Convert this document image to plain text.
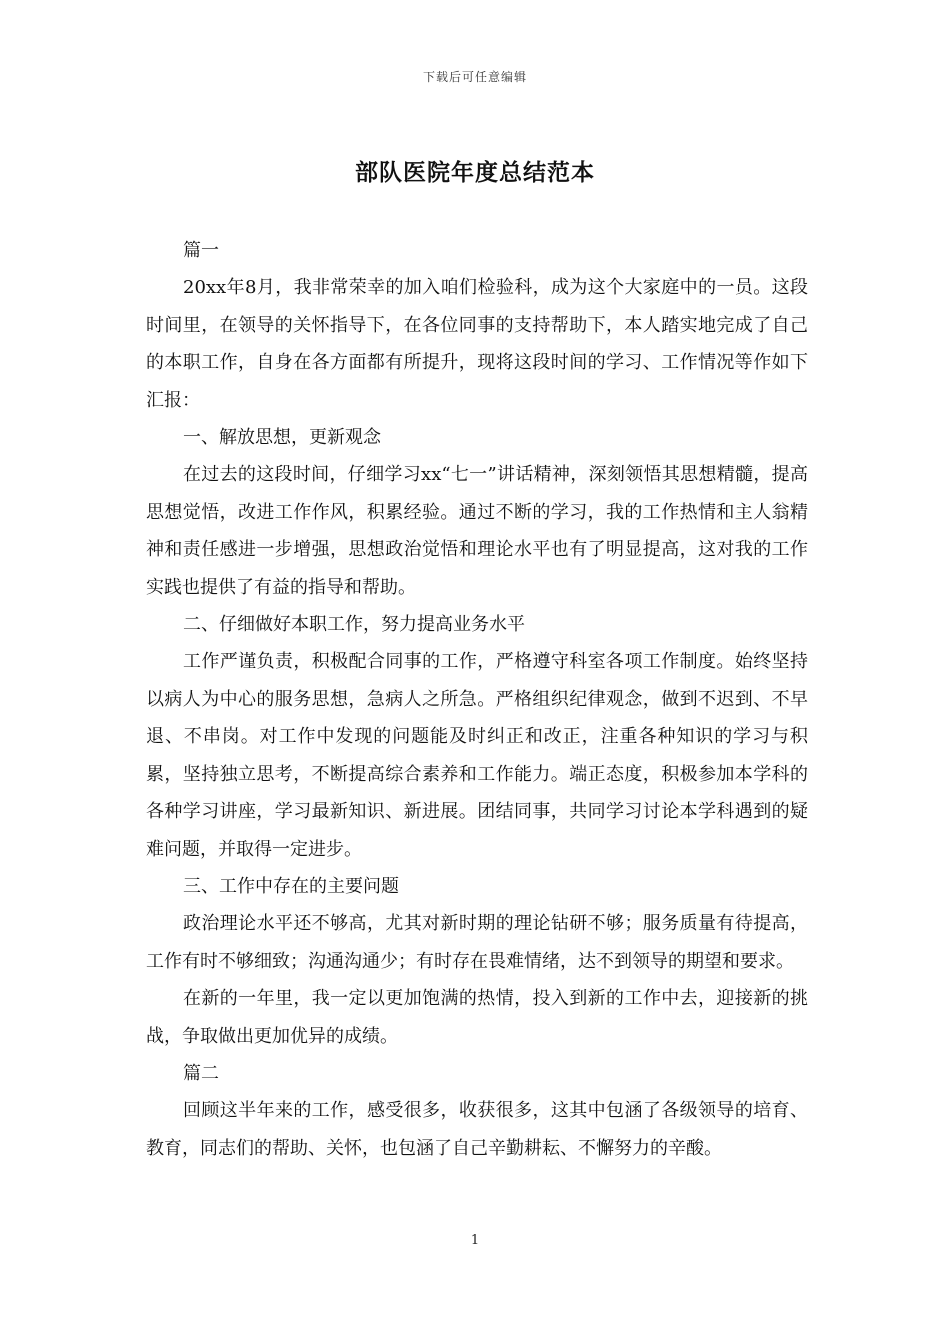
下载后可任意编辑
部队医院年度总结范本

篇一

20xx年8月，我非常荣幸的加入咱们检验科，成为这个大家庭中的一员。这段时间里，在领导的关怀指导下，在各位同事的支持帮助下，本人踏实地完成了自己的本职工作，自身在各方面都有所提升，现将这段时间的学习、工作情况等作如下汇报：

一、解放思想，更新观念

在过去的这段时间，仔细学习xx“七一”讲话精神，深刻领悟其思想精髓，提高思想觉悟，改进工作作风，积累经验。通过不断的学习，我的工作热情和主人翁精神和责任感进一步增强，思想政治觉悟和理论水平也有了明显提高，这对我的工作实践也提供了有益的指导和帮助。

二、仔细做好本职工作，努力提高业务水平

工作严谨负责，积极配合同事的工作，严格遵守科室各项工作制度。始终坚持以病人为中心的服务思想，急病人之所急。严格组织纪律观念，做到不迟到、不早退、不串岗。对工作中发现的问题能及时纠正和改正，注重各种知识的学习与积累，坚持独立思考，不断提高综合素养和工作能力。端正态度，积极参加本学科的各种学习讲座，学习最新知识、新进展。团结同事，共同学习讨论本学科遇到的疑难问题，并取得一定进步。

三、工作中存在的主要问题

政治理论水平还不够高，尤其对新时期的理论钻研不够；服务质量有待提高，工作有时不够细致；沟通沟通少；有时存在畏难情绪，达不到领导的期望和要求。

在新的一年里，我一定以更加饱满的热情，投入到新的工作中去，迎接新的挑战，争取做出更加优异的成绩。

篇二

回顾这半年来的工作，感受很多，收获很多，这其中包涵了各级领导的培育、教育，同志们的帮助、关怀，也包涵了自己辛勤耕耘、不懈努力的辛酸。

1
